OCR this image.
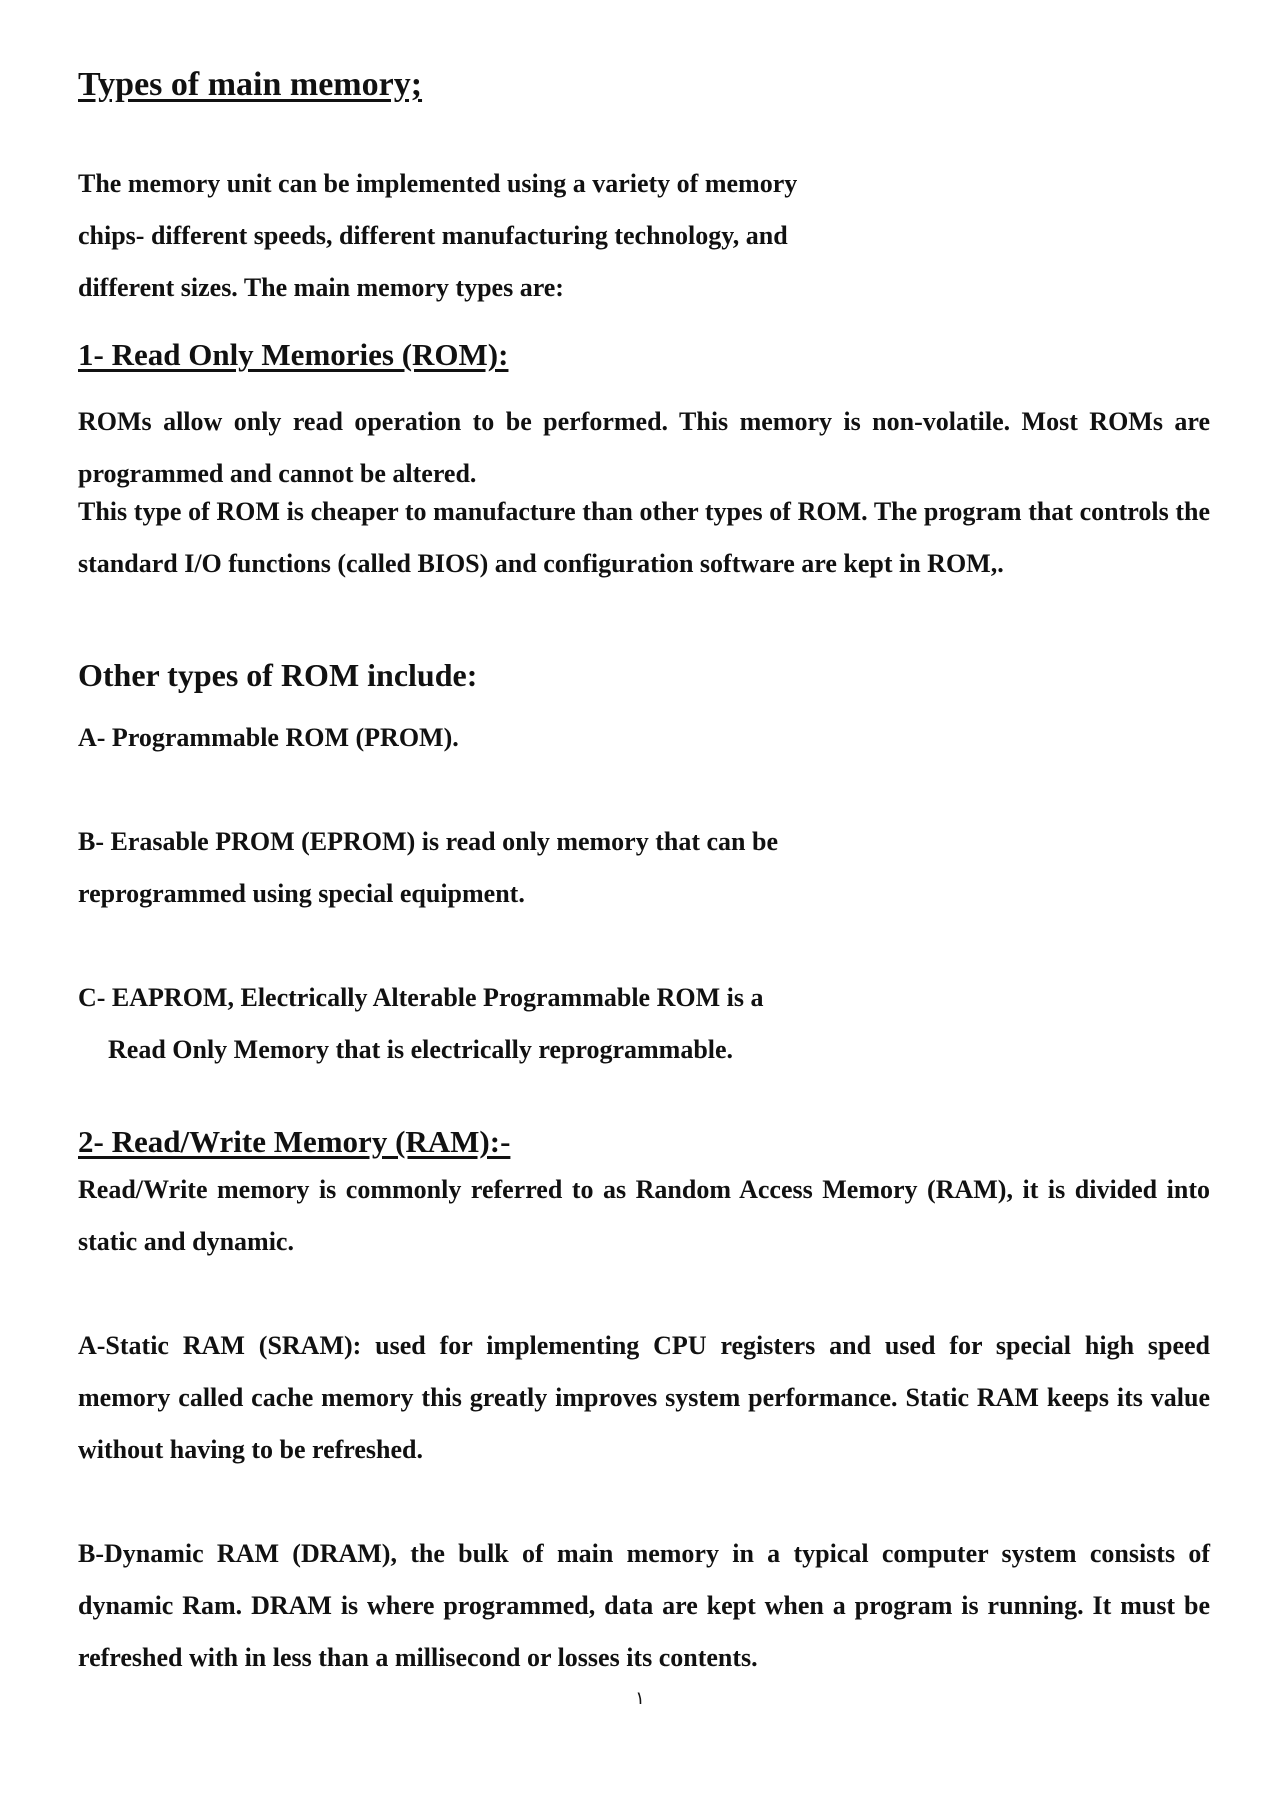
Types of main memory;

The memory unit can be implemented using a variety of memory
chips- different speeds, different manufacturing technology, and
different sizes. The main memory types are:

1- Read Only Memories (ROM):

ROMs allow only read operation to be performed. This memory is non-volatile. Most ROMs are programmed and cannot be altered.

This type of ROM is cheaper to manufacture than other types of ROM. The program that controls the standard I/O functions (called BIOS) and configuration software are kept in ROM,.

Other types of ROM include:

A- Programmable ROM (PROM).

B- Erasable PROM (EPROM) is read only memory that can be reprogrammed using special equipment.

C- EAPROM, Electrically Alterable Programmable ROM is a
Read Only Memory that is electrically reprogrammable.

2- Read/Write Memory (RAM):-

Read/Write memory is commonly referred to as Random Access Memory (RAM), it is divided into static and dynamic.

A-Static RAM (SRAM): used for implementing CPU registers and used for special high speed memory called cache memory this greatly improves system performance. Static RAM keeps its value without having to be refreshed.

B-Dynamic RAM (DRAM), the bulk of main memory in a typical computer system consists of dynamic Ram. DRAM is where programmed, data are kept when a program is running. It must be refreshed with in less than a millisecond or losses its contents.

١
